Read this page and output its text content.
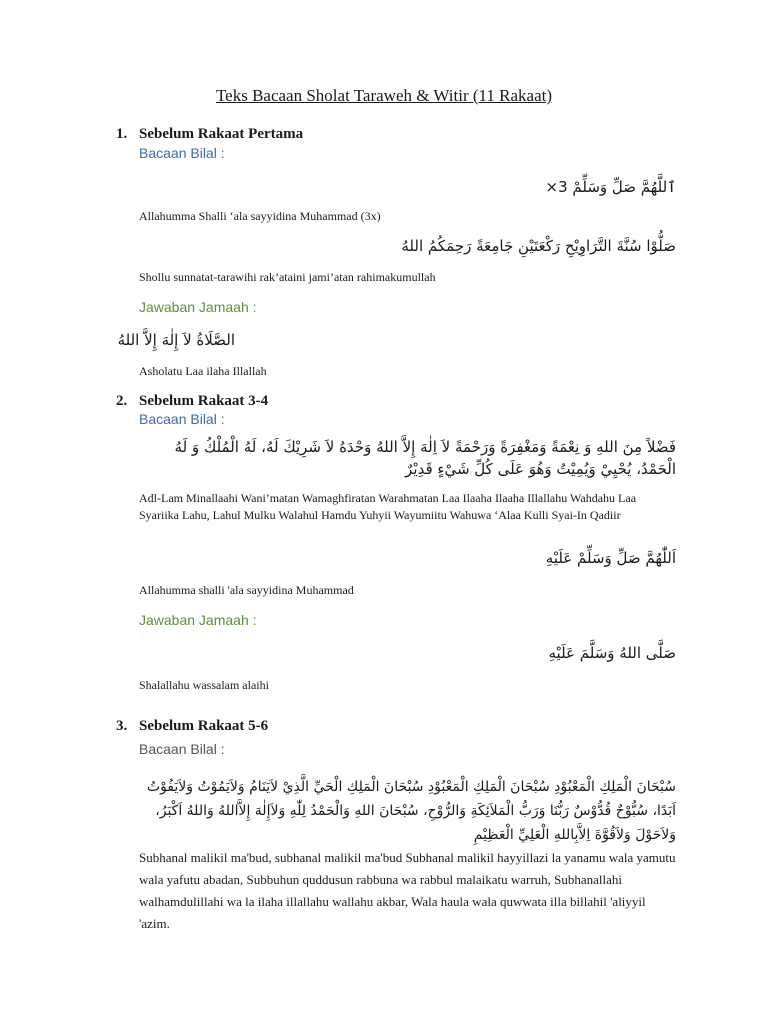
Teks Bacaan Sholat Taraweh & Witir (11 Rakaat)
1. Sebelum Rakaat Pertama
Bacaan Bilal :
ٱللَّهُمَّ صَلِّ وَسَلِّمْ 3×
Allahumma Shalli ‘ala sayyidina Muhammad (3x)
صَلُّوْا سُنَّةَ التَّرَاوِيْحِ رَكْعَتَيْنِ جَامِعَةً رَحِمَكُمُ اللهُ
Shollu sunnatat-tarawihi rak’ataini jami’atan rahimakumullah
Jawaban Jamaah :
الصَّلَاةُ لاَ إِلٰهَ إِلاَّ اللهُ
Asholatu Laa ilaha Illallah
2. Sebelum Rakaat 3-4
Bacaan Bilal :
فَضْلاً مِنَ اللهِ وَ نِعْمَةً وَمَغْفِرَةً وَرَحْمَةً لاَ اِلٰهَ إِلاَّ اللهُ وَحْدَهُ لاَ شَرِيْكَ لَهُ، لَهُ الْمُلْكُ وَ لَهُ الْحَمْدُ، يُحْيِيْ وَيُمِيْتُ وَهُوَ عَلَى كُلِّ شَيْءٍ قَدِيْرٌ
Adl-Lam Minallaahi Wani’matan Wamaghfiratan Warahmatan Laa Ilaaha Ilaaha Illallahu Wahdahu Laa Syariika Lahu, Lahul Mulku Walahul Hamdu Yuhyii Wayumiitu Wahuwa ‘Alaa Kulli Syai-In Qadiir
اَللّٰهُمَّ صَلِّ وَسَلِّمْ عَلَيْهِ
Allahumma shalli 'ala sayyidina Muhammad
Jawaban Jamaah :
صَلَّى اللهُ وَسَلَّمَ عَلَيْهِ
Shalallahu wassalam alaihi
3. Sebelum Rakaat 5-6
Bacaan Bilal :
سُبْحَانَ الْمَلِكِ الْمَعْبُوْدِ سُبْحَانَ الْمَلِكِ الْمَعْبُوْدِ سُبْحَانَ الْمَلِكِ الْحَيِّ الَّذِيْ لاَيَنَامُ وَلاَيَمُوْتُ وَلاَيَفُوْتُ اَبَدًا، سُبُّوْحٌ قُدُّوْسٌ رَبُّنَا وَرَبُّ الْمَلاَئِكَةِ وَالرُّوْحِ، سُبْحَانَ اللهِ وَالْحَمْدُ لِلّٰهِ وَلاَإِلٰهَ إِلاَّاللهُ وَاللهُ اَكْبَرُ، وَلاَحَوْلَ وَلاَقُوَّةَ اِلاَّبِاللهِ الْعَلِيِّ الْعَظِيْمِ
Subhanal malikil ma'bud, subhanal malikil ma'bud Subhanal malikil hayyillazi la yanamu wala yamutu wala yafutu abadan, Subbuhun quddusun rabbuna wa rabbul malaikatu warruh, Subhanallahi walhamdulillahi wa la ilaha illallahu wallahu akbar, Wala haula wala quwwata illa billahil 'aliyyil 'azim.
